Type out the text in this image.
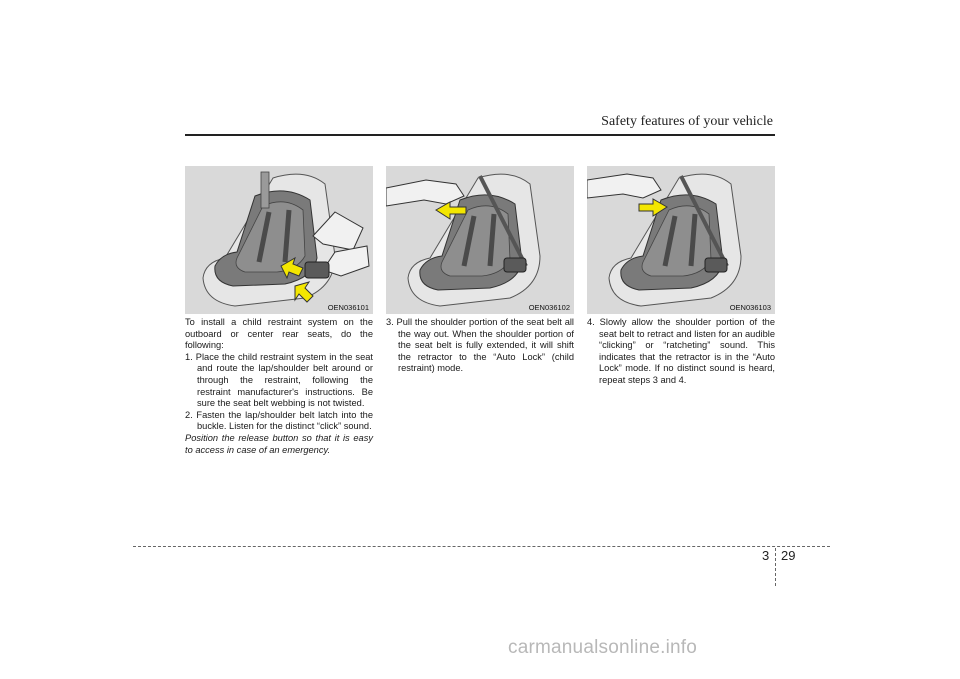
Safety features of your vehicle
OEN036101	OEN036102	OEN036103

To install a child restraint system on the outboard or center rear seats, do the following:

1. Place the child restraint system in the seat and route the lap/shoulder belt around or through the restraint, following the restraint manufacturer's instructions. Be sure the seat belt webbing is not twisted.
2. Fasten the lap/shoulder belt latch into the buckle. Listen for the distinct “click” sound.

Position the release button so that it is easy to access in case of an emergency.

3. Pull the shoulder portion of the seat belt all the way out. When the shoulder portion of the seat belt is fully extended, it will shift the retractor to the “Auto Lock” (child restraint) mode.
4. Slowly allow the shoulder portion of the seat belt to retract and listen for an audible “clicking” or “ratcheting” sound. This indicates that the retractor is in the “Auto Lock” mode. If no distinct sound is heard, repeat steps 3 and 4.
3 29
carmanualsonline.info
